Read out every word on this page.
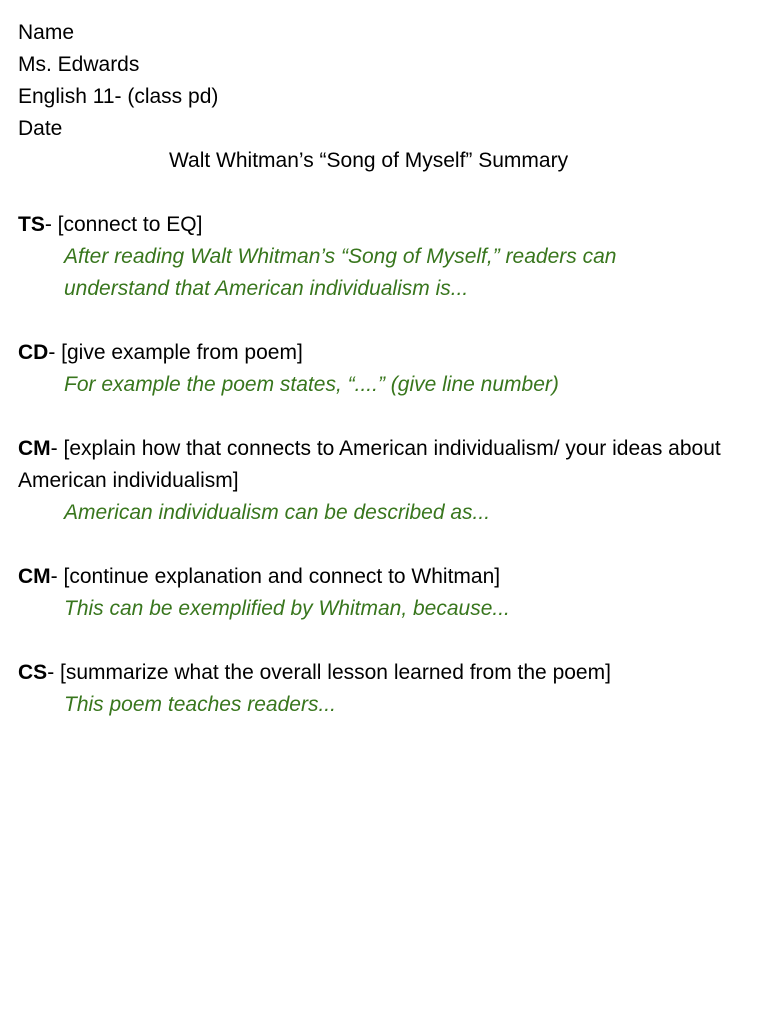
Name
Ms. Edwards
English 11- (class pd)
Date
Walt Whitman’s “Song of Myself” Summary
TS- [connect to EQ]
After reading Walt Whitman’s “Song of Myself,” readers can understand that American individualism is...
CD- [give example from poem]
For example the poem states, “....” (give line number)
CM- [explain how that connects to American individualism/ your ideas about American individualism]
American individualism can be described as...
CM- [continue explanation and connect to Whitman]
This can be exemplified by Whitman, because...
CS- [summarize what the overall lesson learned from the poem]
This poem teaches readers...
